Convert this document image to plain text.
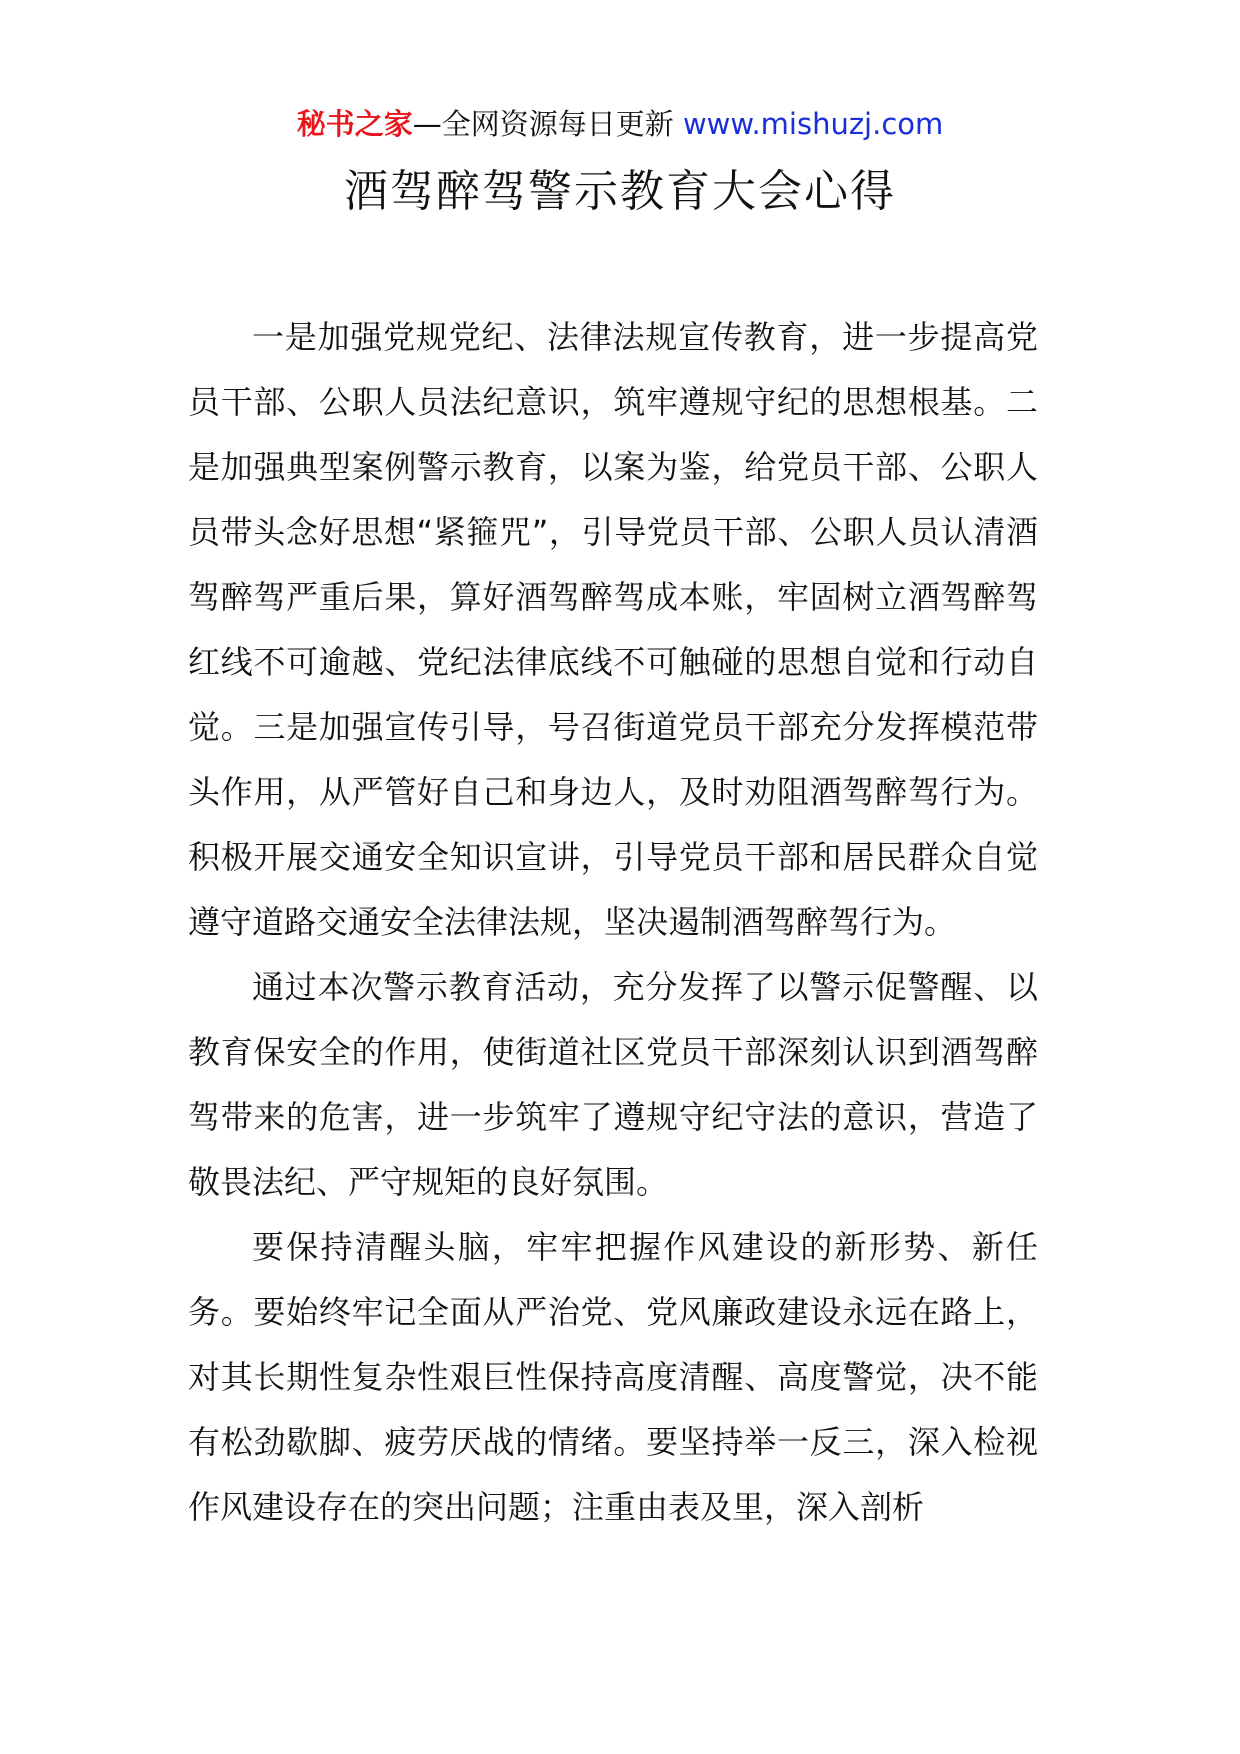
秘书之家—全网资源每日更新 www.mishuzj.com
酒驾醉驾警示教育大会心得

一是加强党规党纪、法律法规宣传教育，进一步提高党员干部、公职人员法纪意识，筑牢遵规守纪的思想根基。二是加强典型案例警示教育，以案为鉴，给党员干部、公职人员带头念好思想“紧箍咒”，引导党员干部、公职人员认清酒驾醉驾严重后果，算好酒驾醉驾成本账，牢固树立酒驾醉驾红线不可逾越、党纪法律底线不可触碰的思想自觉和行动自觉。三是加强宣传引导，号召街道党员干部充分发挥模范带头作用，从严管好自己和身边人，及时劝阻酒驾醉驾行为。积极开展交通安全知识宣讲，引导党员干部和居民群众自觉遵守道路交通安全法律法规，坚决遏制酒驾醉驾行为。

通过本次警示教育活动，充分发挥了以警示促警醒、以教育保安全的作用，使街道社区党员干部深刻认识到酒驾醉驾带来的危害，进一步筑牢了遵规守纪守法的意识，营造了敬畏法纪、严守规矩的良好氛围。

要保持清醒头脑，牢牢把握作风建设的新形势、新任务。要始终牢记全面从严治党、党风廉政建设永远在路上，对其长期性复杂性艰巨性保持高度清醒、高度警觉，决不能有松劲歇脚、疲劳厌战的情绪。要坚持举一反三，深入检视作风建设存在的突出问题；注重由表及里，深入剖析
